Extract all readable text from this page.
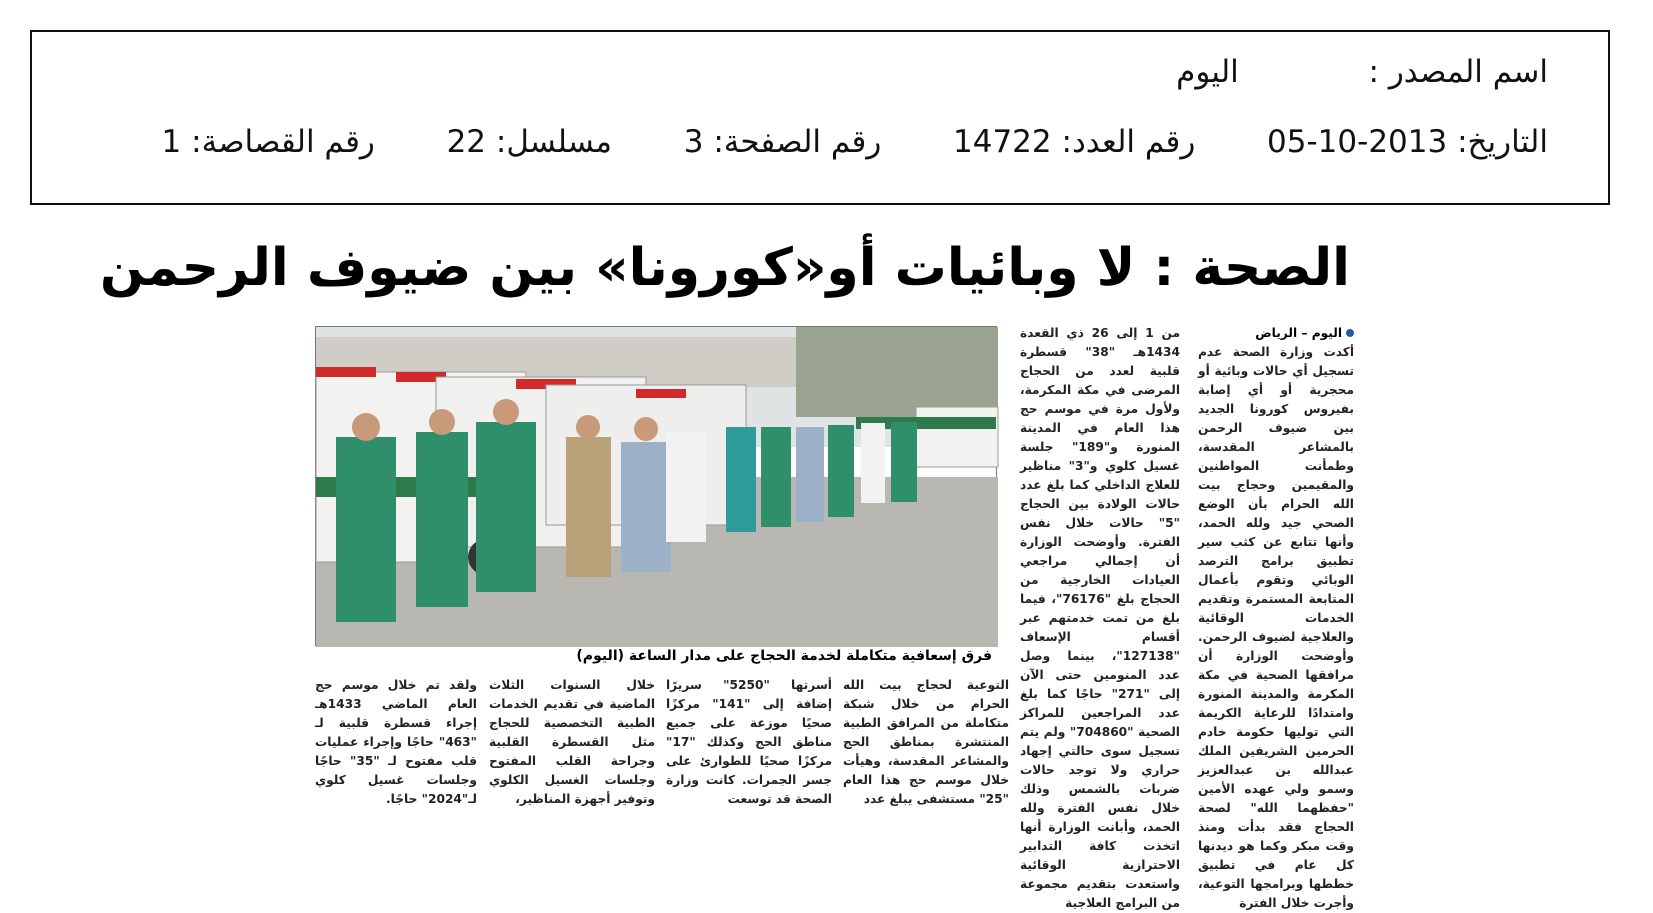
اسم المصدر :  اليوم
التاريخ: 2013-10-05  رقم العدد: 14722  رقم الصفحة: 3  مسلسل: 22  رقم القصاصة: 1
الصحة : لا وبائيات أو«كورونا» بين ضيوف الرحمن
فرق إسعافية متكاملة لخدمة الحجاج على مدار الساعة (اليوم)
اليوم – الرياض
أكدت وزارة الصحة عدم تسجيل أي حالات وبائية أو محجرية أو أي إصابة بفيروس كورونا الجديد بين ضيوف الرحمن بالمشاعر المقدسة، وطمأنت المواطنين والمقيمين وحجاج بيت الله الحرام بأن الوضع الصحي جيد ولله الحمد، وأنها تتابع عن كثب سير تطبيق برامج الترصد الوبائي وتقوم بأعمال المتابعة المستمرة وتقديم الخدمات الوقائية والعلاجية لضيوف الرحمن. وأوضحت الوزارة أن مرافقها الصحية في مكة المكرمة والمدينة المنورة وامتدادًا للرعاية الكريمة التي توليها حكومة خادم الحرمين الشريفين الملك عبدالله بن عبدالعزيز وسمو ولي عهده الأمين "حفظهما الله" لصحة الحجاج فقد بدأت ومنذ وقت مبكر وكما هو ديدنها كل عام في تطبيق خططها وبرامجها التوعية، وأجرت خلال الفترة
من 1 إلى 26 ذي القعدة 1434هـ "38" قسطرة قلبية لعدد من الحجاج المرضى في مكة المكرمة، ولأول مرة في موسم حج هذا العام في المدينة المنورة و"189" جلسة غسيل كلوي و"3" مناظير للعلاج الداخلي كما بلغ عدد حالات الولادة بين الحجاج "5" حالات خلال نفس الفترة. وأوضحت الوزارة أن إجمالي مراجعي العيادات الخارجية من الحجاج بلغ "76176"، فيما بلغ من تمت خدمتهم عبر أقسام الإسعاف "127138"، بينما وصل عدد المنومين حتى الآن إلى "271" حاجًا كما بلغ عدد المراجعين للمراكز الصحية "704860" ولم يتم تسجيل سوى حالتي إجهاد حراري ولا توجد حالات ضربات بالشمس وذلك خلال نفس الفترة ولله الحمد، وأبانت الوزارة أنها اتخذت كافة التدابير الاحترازية الوقائية واستعدت بتقديم مجموعة من البرامج العلاجية
التوعية لحجاج بيت الله الحرام من خلال شبكة متكاملة من المرافق الطبية المنتشرة بمناطق الحج والمشاعر المقدسة، وهيأت خلال موسم حج هذا العام "25" مستشفى يبلغ عدد
أسرتها "5250" سريرًا إضافة إلى "141" مركزًا صحيًا موزعة على جميع مناطق الحج وكذلك "17" مركزًا صحيًا للطوارئ على جسر الجمرات. كانت وزارة الصحة قد توسعت
خلال السنوات الثلاث الماضية في تقديم الخدمات الطبية التخصصية للحجاج مثل القسطرة القلبية وجراحة القلب المفتوح وجلسات الغسيل الكلوي وتوفير أجهزة المناظير،
ولقد تم خلال موسم حج العام الماضي 1433هـ إجراء قسطرة قلبية لـ "463" حاجًا وإجراء عمليات قلب مفتوح لـ "35" حاجًا وجلسات غسيل كلوي لـ"2024" حاجًا.
